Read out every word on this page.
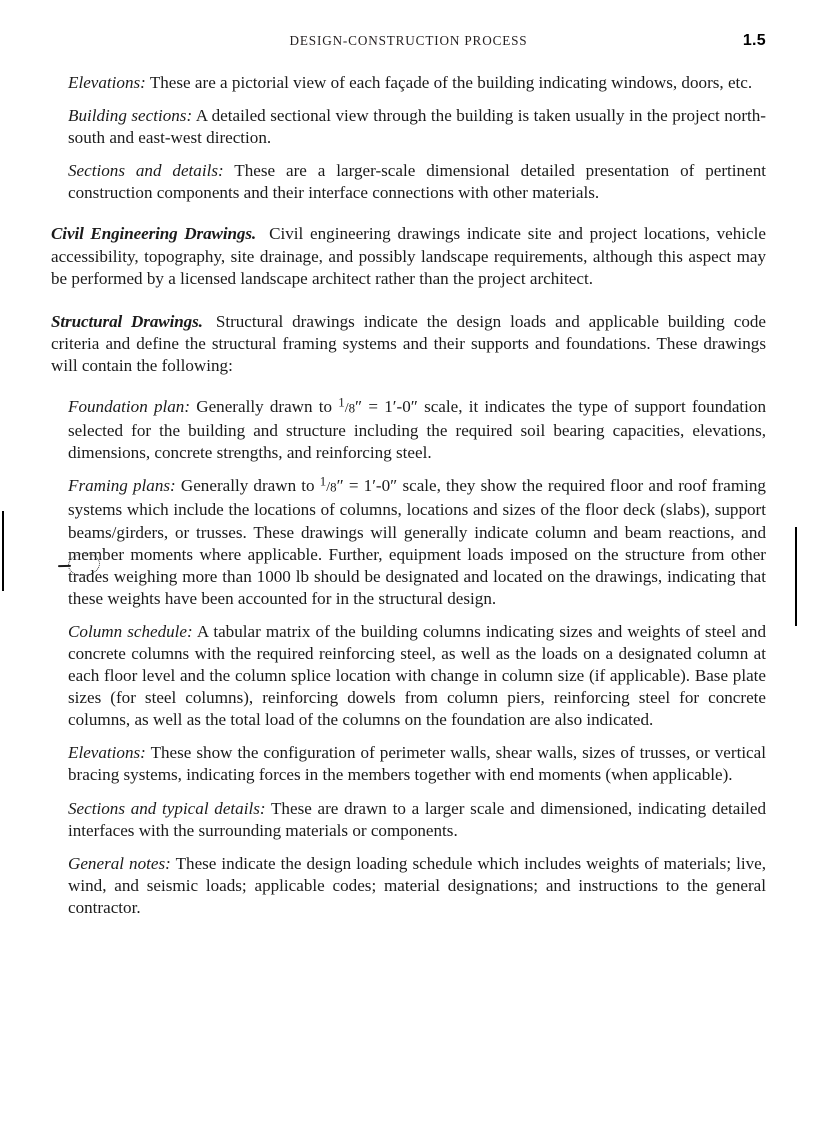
DESIGN-CONSTRUCTION PROCESS	1.5

Elevations: These are a pictorial view of each façade of the building indicating windows, doors, etc.

Building sections: A detailed sectional view through the building is taken usually in the project north-south and east-west direction.

Sections and details: These are a larger-scale dimensional detailed presentation of pertinent construction components and their interface connections with other materials.

Civil Engineering Drawings. Civil engineering drawings indicate site and project locations, vehicle accessibility, topography, site drainage, and possibly landscape requirements, although this aspect may be performed by a licensed landscape architect rather than the project architect.

Structural Drawings. Structural drawings indicate the design loads and applicable building code criteria and define the structural framing systems and their supports and foundations. These drawings will contain the following:

Foundation plan: Generally drawn to $^1/_8'' = 1'-0''$ scale, it indicates the type of support foundation selected for the building and structure including the required soil bearing capacities, elevations, dimensions, concrete strengths, and reinforcing steel.

Framing plans: Generally drawn to $^1/_8'' = 1'-0''$ scale, they show the required floor and roof framing systems which include the locations of columns, locations and sizes of the floor deck (slabs), support beams/girders, or trusses. These drawings will generally indicate column and beam reactions, and member moments where applicable. Further, equipment loads imposed on the structure from other trades weighing more than 1000 lb should be designated and located on the drawings, indicating that these weights have been accounted for in the structural design.

Column schedule: A tabular matrix of the building columns indicating sizes and weights of steel and concrete columns with the required reinforcing steel, as well as the loads on a designated column at each floor level and the column splice location with change in column size (if applicable). Base plate sizes (for steel columns), reinforcing dowels from column piers, reinforcing steel for concrete columns, as well as the total load of the columns on the foundation are also indicated.

Elevations: These show the configuration of perimeter walls, shear walls, sizes of trusses, or vertical bracing systems, indicating forces in the members together with end moments (when applicable).

Sections and typical details: These are drawn to a larger scale and dimensioned, indicating detailed interfaces with the surrounding materials or components.

General notes: These indicate the design loading schedule which includes weights of materials; live, wind, and seismic loads; applicable codes; material designations; and instructions to the general contractor.
